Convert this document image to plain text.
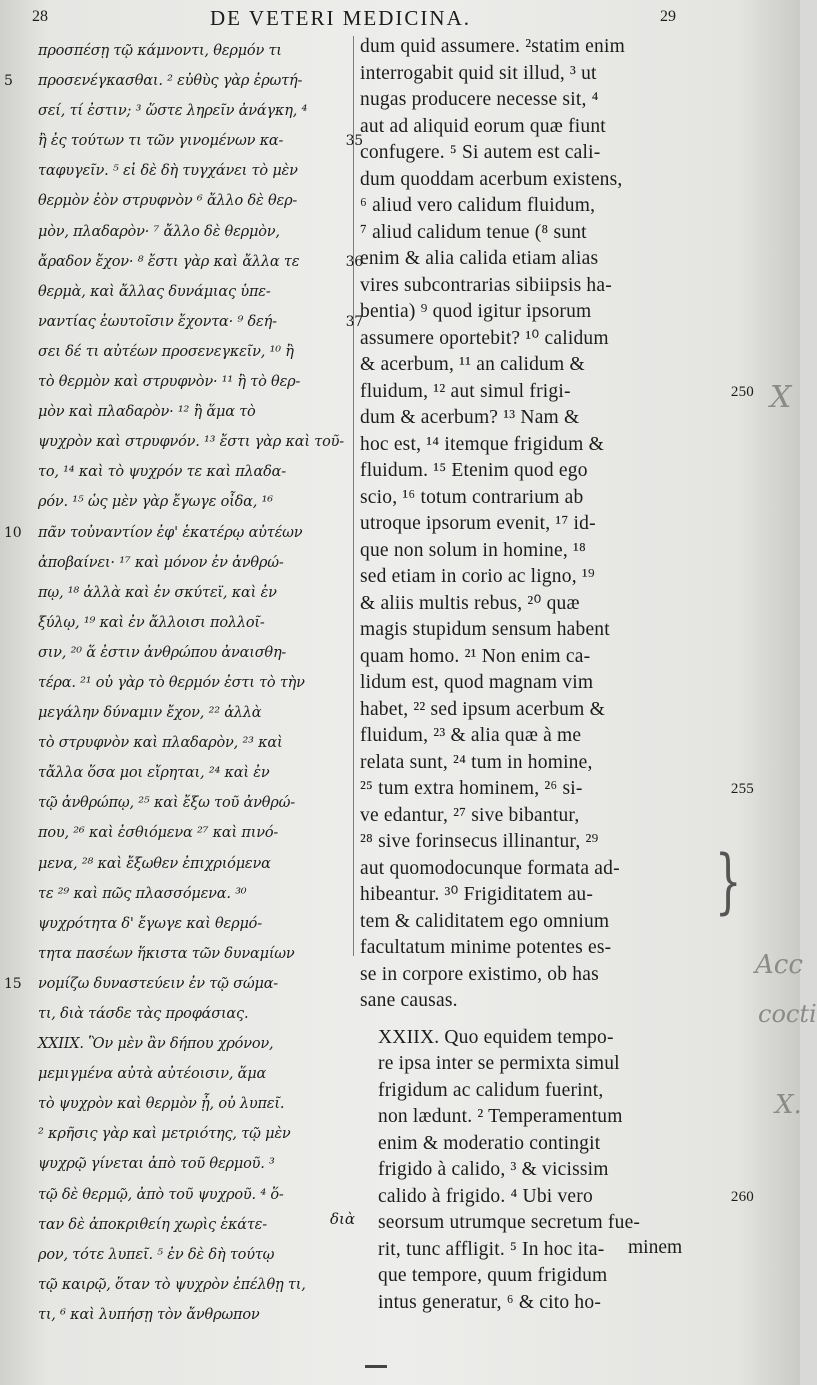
28	DE VETERI MEDICINA.	29
προσπέσῃ τῷ κάμνοντι, θερμόν τι
προσενέγκασθαι. ² εὐθὺς γὰρ ἐρωτή-
5
σεί, τί ἐστιν; ³ ὥστε ληρεῖν ἀνάγκη, ⁴
ἢ ἐς τούτων τι τῶν γινομένων κα-	35
ταφυγεῖν. ⁵ εἰ δὲ δὴ τυγχάνει τὸ μὲν
θερμὸν ἐὸν στρυφνὸν ⁶ ἄλλο δὲ θερ-
μὸν, πλαδαρὸν· ⁷ ἄλλο δὲ θερμὸν,
ἄραδον ἔχον· ⁸ ἔστι γὰρ καὶ ἄλλα τε	36
θερμὰ, καὶ ἄλλας δυνάμιας ὑπε-
ναντίας ἑωυτοῖσιν ἔχοντα· ⁹ δεή-	37
σει δέ τι αὐτέων προσενεγκεῖν, ¹⁰ ἢ
τὸ θερμὸν καὶ στρυφνὸν· ¹¹ ἢ τὸ θερ-
μὸν καὶ πλαδαρὸν· ¹² ἢ ἅμα τὸ
ψυχρὸν καὶ στρυφνόν. ¹³ ἔστι γὰρ καὶ τοῦ-
το, ¹⁴ καὶ τὸ ψυχρόν τε καὶ πλαδα-
ρόν. ¹⁵ ὡς μὲν γὰρ ἔγωγε οἶδα, ¹⁶
πᾶν τοὐναντίον ἐφ' ἑκατέρῳ αὐτέων
10
ἀποβαίνει· ¹⁷ καὶ μόνον ἐν ἀνθρώ-
πῳ, ¹⁸ ἀλλὰ καὶ ἐν σκύτεϊ, καὶ ἐν
ξύλῳ, ¹⁹ καὶ ἐν ἄλλοισι πολλοῖ-
σιν, ²⁰ ἅ ἐστιν ἀνθρώπου ἀναισθη-
τέρα. ²¹ οὐ γὰρ τὸ θερμόν ἐστι τὸ τὴν
μεγάλην δύναμιν ἔχον, ²² ἀλλὰ
τὸ στρυφνὸν καὶ πλαδαρὸν, ²³ καὶ
τἄλλα ὅσα μοι εἴρηται, ²⁴ καὶ ἐν
τῷ ἀνθρώπῳ, ²⁵ καὶ ἔξω τοῦ ἀνθρώ-
που, ²⁶ καὶ ἐσθιόμενα ²⁷ καὶ πινό-
μενα, ²⁸ καὶ ἔξωθεν ἐπιχριόμενα
τε ²⁹ καὶ πῶς πλασσόμενα. ³⁰
ψυχρότητα δ' ἔγωγε καὶ θερμό-
τητα πασέων ἥκιστα τῶν δυναμίων
νομίζω δυναστεύειν ἐν τῷ σώμα-
15
τι, διὰ τάσδε τὰς προφάσιας.
XXIIX. Ὃν μὲν ἂν δήπου χρόνον,
μεμιγμένα αὐτὰ αὐτέοισιν, ἅμα
τὸ ψυχρὸν καὶ θερμὸν ᾖ, οὐ λυπεῖ.
² κρῆσις γὰρ καὶ μετριότης, τῷ μὲν
ψυχρῷ γίνεται ἀπὸ τοῦ θερμοῦ. ³
τῷ δὲ θερμῷ, ἀπὸ τοῦ ψυχροῦ. ⁴ ὅ-
ταν δὲ ἀποκριθείη χωρὶς ἑκάτε-
ρον, τότε λυπεῖ. ⁵ ἐν δὲ δὴ τούτῳ
τῷ καιρῷ, ὅταν τὸ ψυχρὸν ἐπέλθῃ τι,
τι, ⁶ καὶ λυπήσῃ τὸν ἄνθρωπον
dum quid assumere. ²statim enim
interrogabit quid sit illud, ³ ut
nugas producere necesse sit, ⁴
aut ad aliquid eorum quæ fiunt
confugere. ⁵ Si autem est cali-
dum quoddam acerbum existens,
⁶ aliud vero calidum fluidum,
⁷ aliud calidum tenue (⁸ sunt
enim & alia calida etiam alias
vires subcontrarias sibiipsis ha-
bentia) ⁹ quod igitur ipsorum
assumere oportebit? ¹⁰ calidum
& acerbum, ¹¹ an calidum &
fluidum, ¹² aut simul frigi-	250
dum & acerbum? ¹³ Nam &
hoc est, ¹⁴ itemque frigidum &
fluidum. ¹⁵ Etenim quod ego
scio, ¹⁶ totum contrarium ab
utroque ipsorum evenit, ¹⁷ id-
que non solum in homine, ¹⁸
sed etiam in corio ac ligno, ¹⁹
& aliis multis rebus, ²⁰ quæ
magis stupidum sensum habent
quam homo. ²¹ Non enim ca-
lidum est, quod magnam vim
habet, ²² sed ipsum acerbum &
fluidum, ²³ & alia quæ à me
relata sunt, ²⁴ tum in homine,
²⁵ tum extra hominem, ²⁶ si-	255
ve edantur, ²⁷ sive bibantur,
²⁸ sive forinsecus illinantur, ²⁹
aut quomodocunque formata ad-
hibeantur. ³⁰ Frigiditatem au-
tem & caliditatem ego omnium
facultatum minime potentes es-
se in corpore existimo, ob has
sane causas.
XXIIX. Quo equidem tempo-
re ipsa inter se permixta simul
frigidum ac calidum fuerint,
non lædunt. ² Temperamentum
enim & moderatio contingit
frigido à calido, ³ & vicissim
calido à frigido. ⁴ Ubi vero	260
seorsum utrumque secretum fue-
rit, tunc affligit. ⁵ In hoc ita-
que tempore, quum frigidum
intus generatur, ⁶ & cito ho-
διὰ
minem
}
X
Acc
cocti
X.
